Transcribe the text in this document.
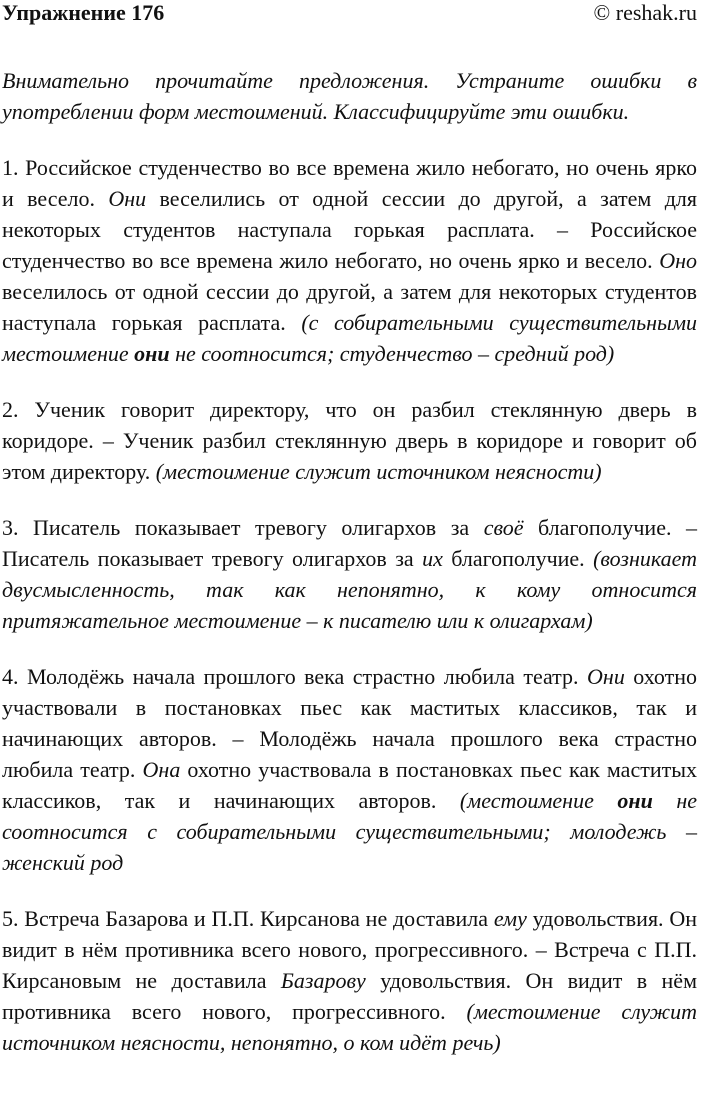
Упражнение 176	© reshak.ru

Внимательно прочитайте предложения. Устраните ошибки в употреблении форм местоимений. Классифицируйте эти ошибки.

1. Российское студенчество во все времена жило небогато, но очень ярко и весело. Они веселились от одной сессии до другой, а затем для некоторых студентов наступала горькая расплата. – Российское студенчество во все времена жило небогато, но очень ярко и весело. Оно веселилось от одной сессии до другой, а затем для некоторых студентов наступала горькая расплата. (с собирательными существительными местоимение они не соотносится; студенчество – средний род)

2. Ученик говорит директору, что он разбил стеклянную дверь в коридоре. – Ученик разбил стеклянную дверь в коридоре и говорит об этом директору. (местоимение служит источником неясности)

3. Писатель показывает тревогу олигархов за своё благополучие. – Писатель показывает тревогу олигархов за их благополучие. (возникает двусмысленность, так как непонятно, к кому относится притяжательное местоимение – к писателю или к олигархам)

4. Молодёжь начала прошлого века страстно любила театр. Они охотно участвовали в постановках пьес как маститых классиков, так и начинающих авторов. – Молодёжь начала прошлого века страстно любила театр. Она охотно участвовала в постановках пьес как маститых классиков, так и начинающих авторов. (местоимение они не соотносится с собирательными существительными; молодежь – женский род

5. Встреча Базарова и П.П. Кирсанова не доставила ему удовольствия. Он видит в нём противника всего нового, прогрессивного. – Встреча с П.П. Кирсановым не доставила Базарову удовольствия. Он видит в нём противника всего нового, прогрессивного. (местоимение служит источником неясности, непонятно, о ком идёт речь)
